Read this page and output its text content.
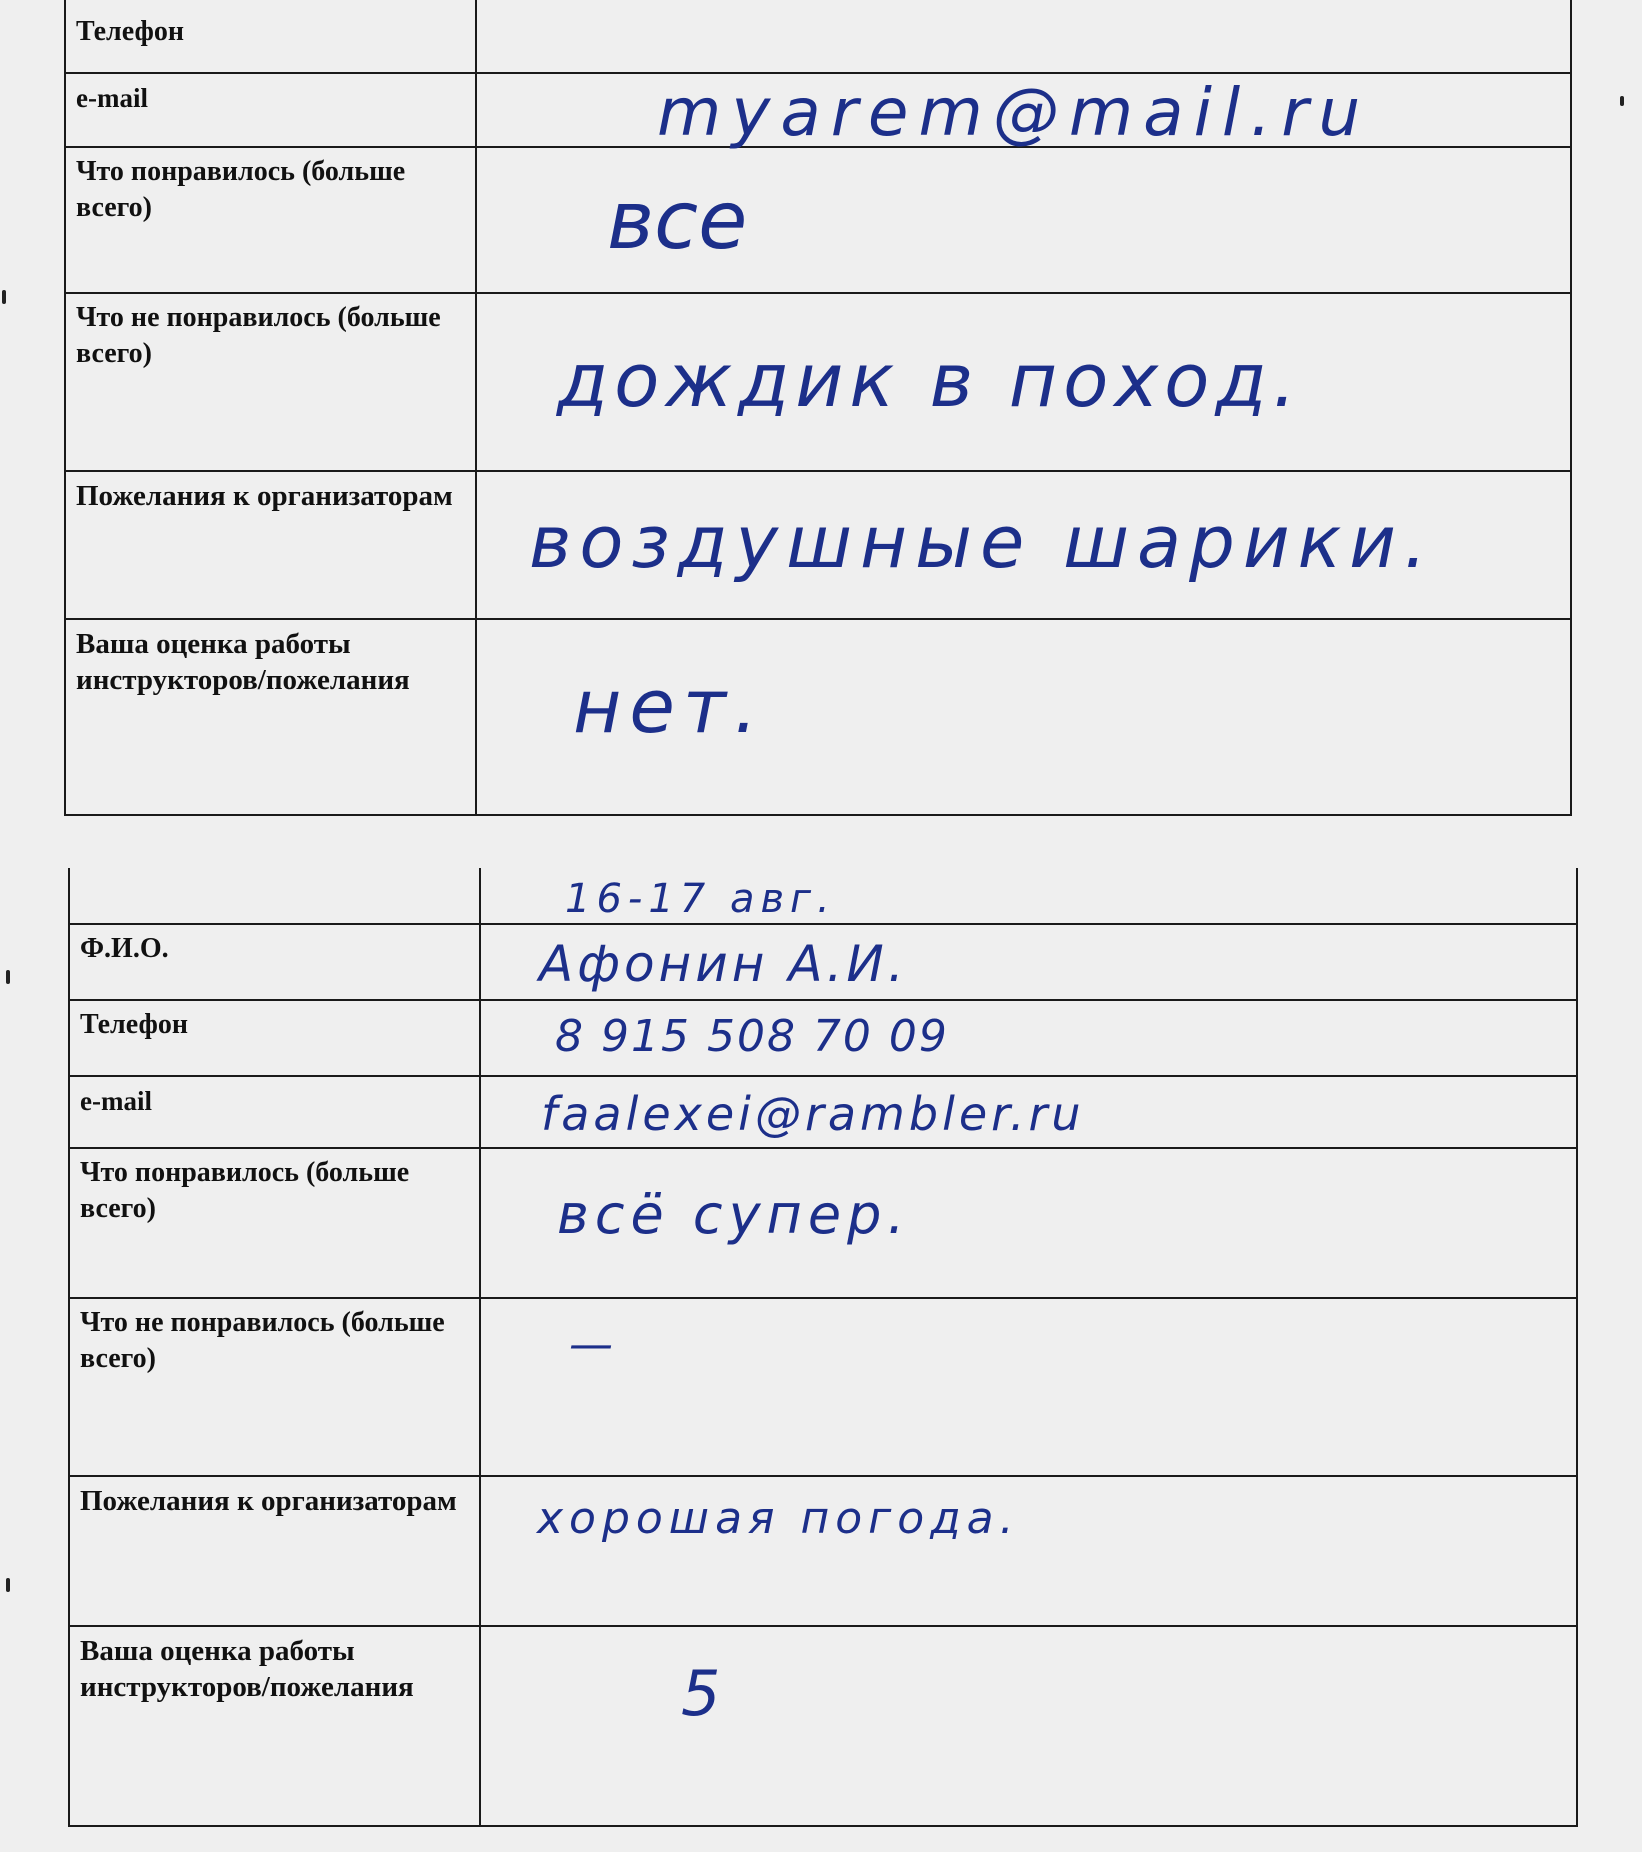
Телефон	

e-mail	myarem@mail.ru

Что понравилось (больше всего)	все

Что не понравилось (больше всего)	дождик в поход.

Пожелания к организаторам	воздушные шарики.

Ваша оценка работы инструкторов/пожелания	нет.

	16-17 авг.

Ф.И.О.	Афонин А.И.

Телефон	8 915 508 70 09

e-mail	faalexei@rambler.ru

Что понравилось (больше всего)	всё супер.

Что не понравилось (больше всего)	—

Пожелания к организаторам	хорошая погода.

Ваша оценка работы инструкторов/пожелания	5
